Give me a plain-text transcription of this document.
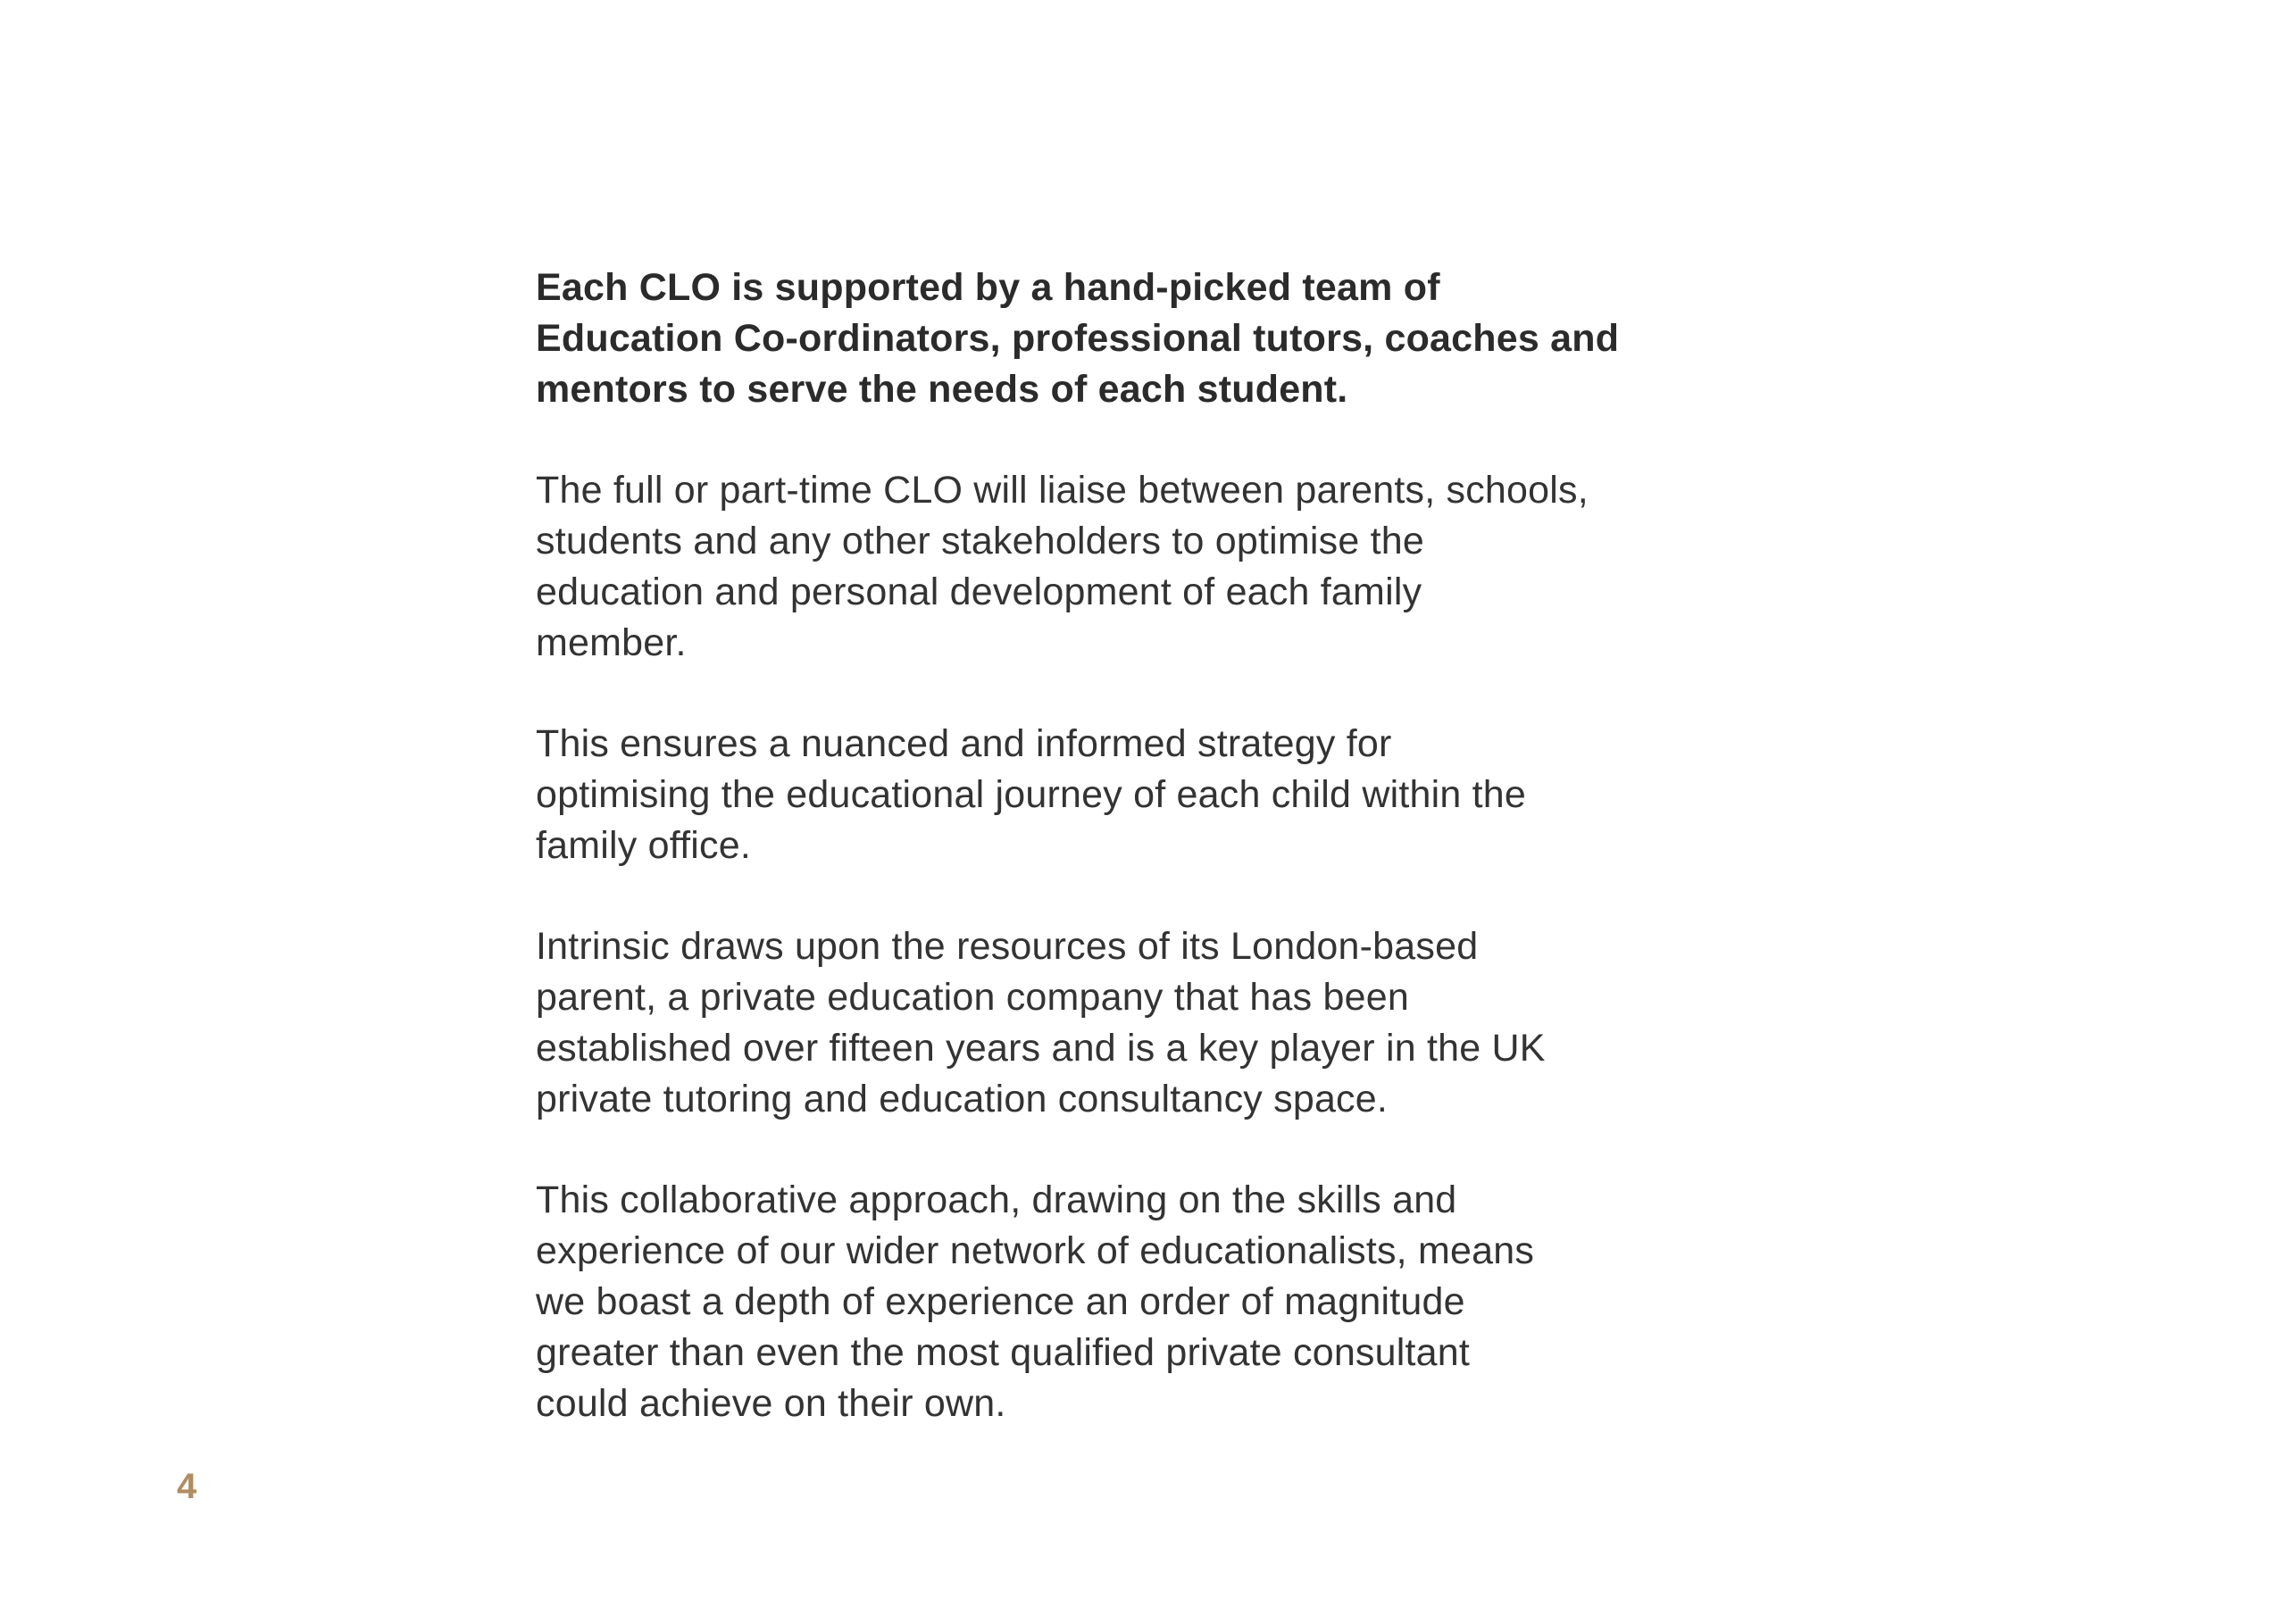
Each CLO is supported by a hand-picked team of
Education Co-ordinators, professional tutors, coaches and
mentors to serve the needs of each student.

The full or part-time CLO will liaise between parents, schools,
students and any other stakeholders to optimise the
education and personal development of each family
member.

This ensures a nuanced and informed strategy for
optimising the educational journey of each child within the
family office.

Intrinsic draws upon the resources of its London-based
parent, a private education company that has been
established over fifteen years and is a key player in the UK
private tutoring and education consultancy space.

This collaborative approach, drawing on the skills and
experience of our wider network of educationalists, means
we boast a depth of experience an order of magnitude
greater than even the most qualified private consultant
could achieve on their own.

4
